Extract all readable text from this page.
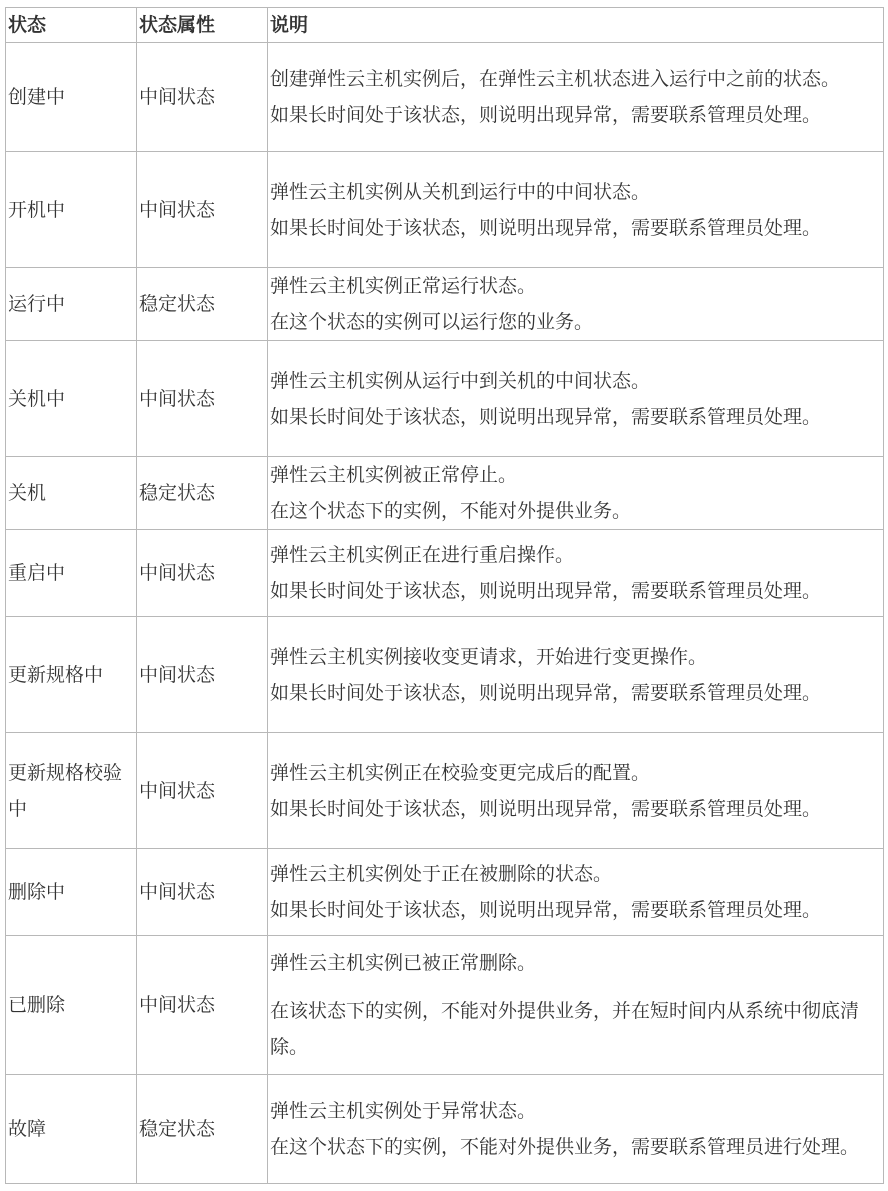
状态	状态属性	说明
创建中	中间状态	创建弹性云主机实例后，在弹性云主机状态进入运行中之前的状态。

如果长时间处于该状态，则说明出现异常，需要联系管理员处理。

开机中	中间状态	弹性云主机实例从关机到运行中的中间状态。

如果长时间处于该状态，则说明出现异常，需要联系管理员处理。

运行中	稳定状态	弹性云主机实例正常运行状态。

在这个状态的实例可以运行您的业务。

关机中	中间状态	弹性云主机实例从运行中到关机的中间状态。

如果长时间处于该状态，则说明出现异常，需要联系管理员处理。

关机	稳定状态	弹性云主机实例被正常停止。

在这个状态下的实例，不能对外提供业务。

重启中	中间状态	弹性云主机实例正在进行重启操作。

如果长时间处于该状态，则说明出现异常，需要联系管理员处理。

更新规格中	中间状态	弹性云主机实例接收变更请求，开始进行变更操作。

如果长时间处于该状态，则说明出现异常，需要联系管理员处理。

更新规格校验中	中间状态	弹性云主机实例正在校验变更完成后的配置。

如果长时间处于该状态，则说明出现异常，需要联系管理员处理。

删除中	中间状态	弹性云主机实例处于正在被删除的状态。

如果长时间处于该状态，则说明出现异常，需要联系管理员处理。

已删除	中间状态	弹性云主机实例已被正常删除。

在该状态下的实例，不能对外提供业务，并在短时间内从系统中彻底清除。

故障	稳定状态	弹性云主机实例处于异常状态。

在这个状态下的实例，不能对外提供业务，需要联系管理员进行处理。
